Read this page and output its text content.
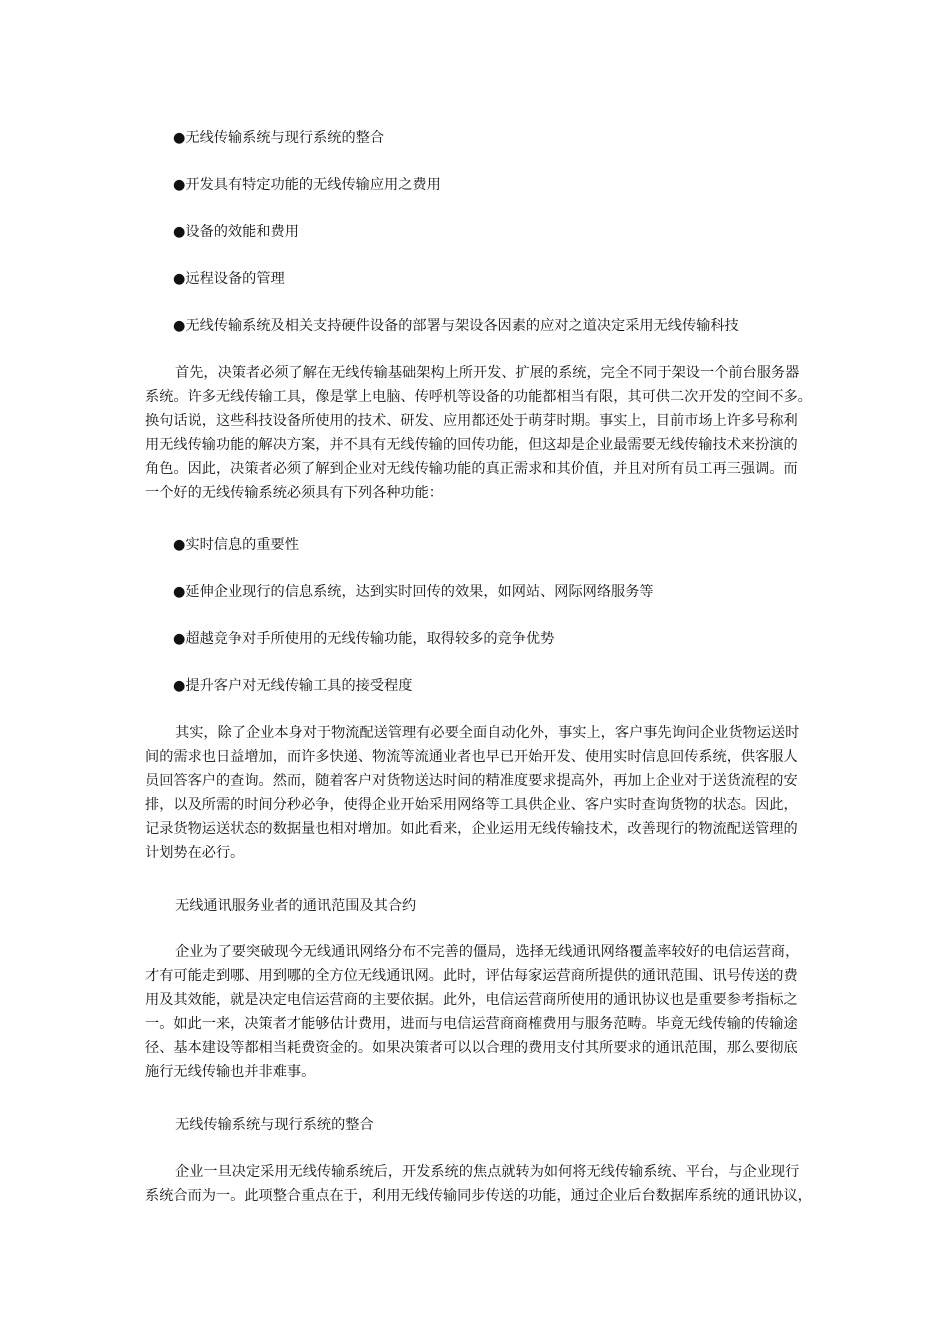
●无线传输系统与现行系统的整合

●开发具有特定功能的无线传输应用之费用

●设备的效能和费用

●远程设备的管理

●无线传输系统及相关支持硬件设备的部署与架设各因素的应对之道决定采用无线传输科技

首先，决策者必须了解在无线传输基础架构上所开发、扩展的系统，完全不同于架设一个前台服务器
系统。许多无线传输工具，像是掌上电脑、传呼机等设备的功能都相当有限，其可供二次开发的空间不多。
换句话说，这些科技设备所使用的技术、研发、应用都还处于萌芽时期。事实上，目前市场上许多号称利
用无线传输功能的解决方案，并不具有无线传输的回传功能，但这却是企业最需要无线传输技术来扮演的
角色。因此，决策者必须了解到企业对无线传输功能的真正需求和其价值，并且对所有员工再三强调。而
一个好的无线传输系统必须具有下列各种功能：

●实时信息的重要性

●延伸企业现行的信息系统，达到实时回传的效果，如网站、网际网络服务等

●超越竞争对手所使用的无线传输功能，取得较多的竞争优势

●提升客户对无线传输工具的接受程度

其实，除了企业本身对于物流配送管理有必要全面自动化外，事实上，客户事先询问企业货物运送时
间的需求也日益增加，而许多快递、物流等流通业者也早已开始开发、使用实时信息回传系统，供客服人
员回答客户的查询。然而，随着客户对货物送达时间的精准度要求提高外，再加上企业对于送货流程的安
排，以及所需的时间分秒必争，使得企业开始采用网络等工具供企业、客户实时查询货物的状态。因此，
记录货物运送状态的数据量也相对增加。如此看来，企业运用无线传输技术，改善现行的物流配送管理的
计划势在必行。

无线通讯服务业者的通讯范围及其合约

企业为了要突破现今无线通讯网络分布不完善的僵局，选择无线通讯网络覆盖率较好的电信运营商，
才有可能走到哪、用到哪的全方位无线通讯网。此时，评估每家运营商所提供的通讯范围、讯号传送的费
用及其效能，就是决定电信运营商的主要依据。此外，电信运营商所使用的通讯协议也是重要参考指标之
一。如此一来，决策者才能够估计费用，进而与电信运营商商榷费用与服务范畴。毕竟无线传输的传输途
径、基本建设等都相当耗费资金的。如果决策者可以以合理的费用支付其所要求的通讯范围，那么要彻底
施行无线传输也并非难事。

无线传输系统与现行系统的整合

企业一旦决定采用无线传输系统后，开发系统的焦点就转为如何将无线传输系统、平台，与企业现行
系统合而为一。此项整合重点在于，利用无线传输同步传送的功能，通过企业后台数据库系统的通讯协议，
